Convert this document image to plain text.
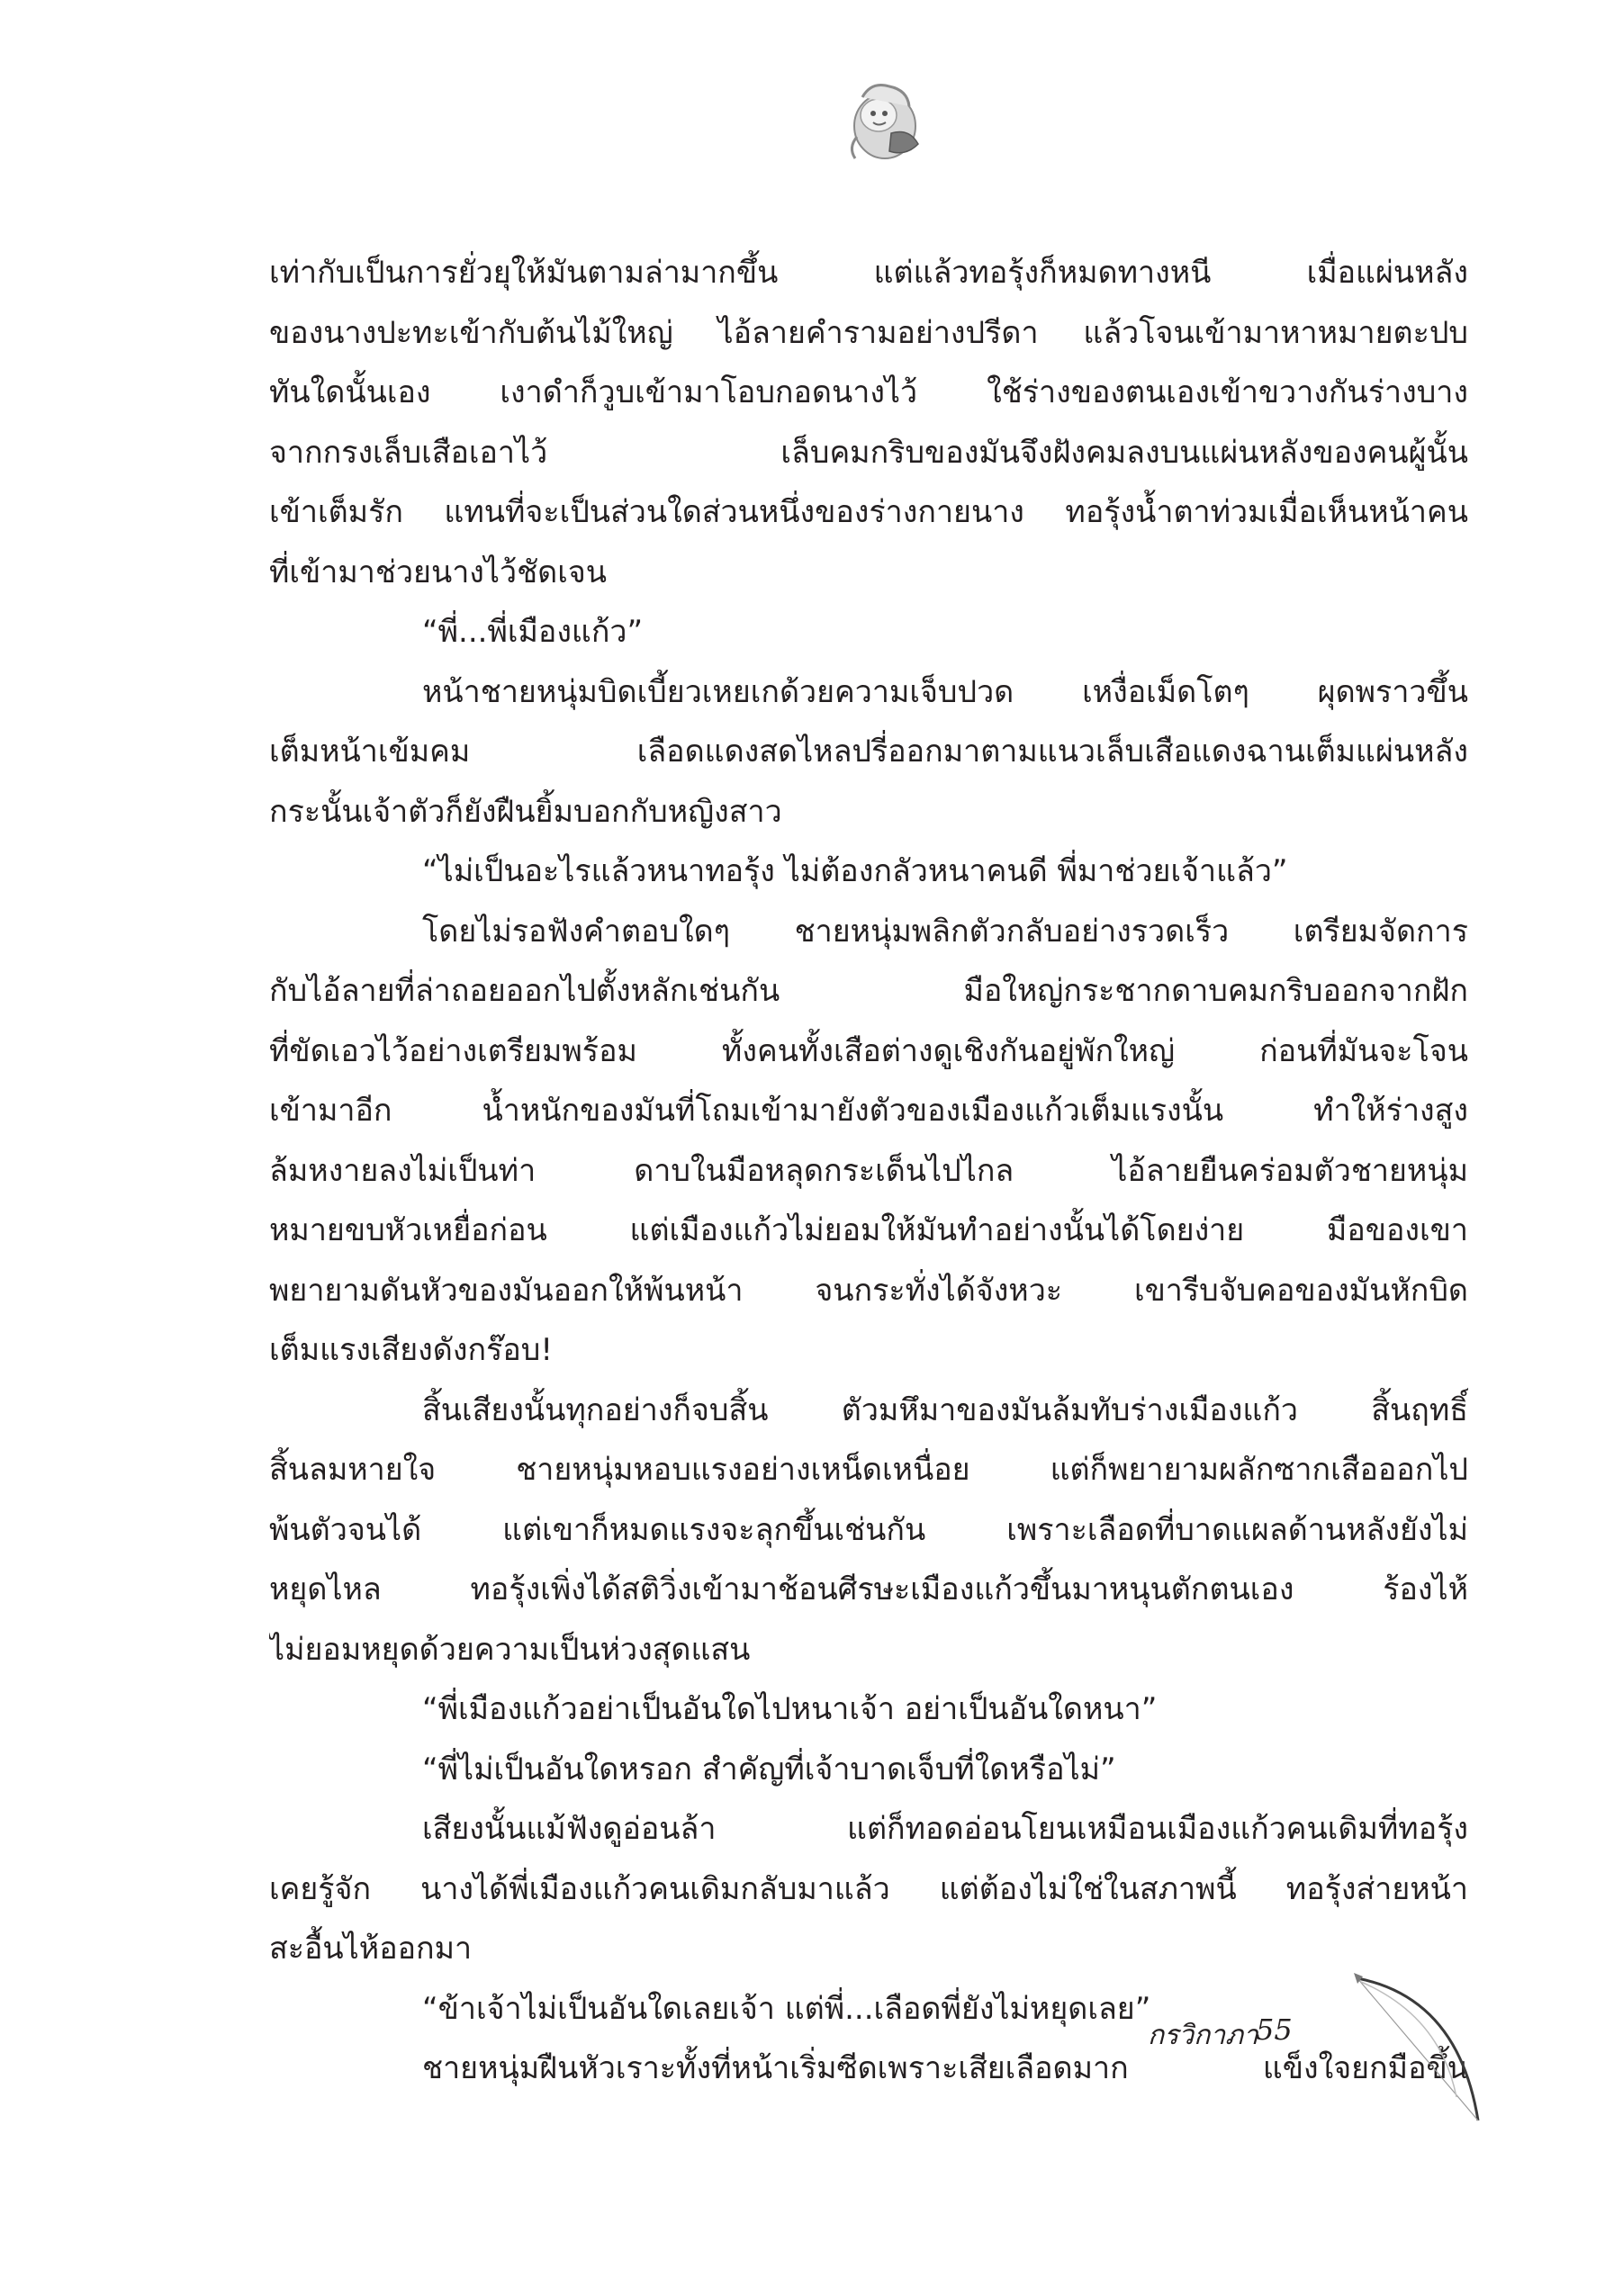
เท่ากับเป็นการยั่วยุให้มันตามล่ามากขึ้น แต่แล้วทอรุ้งก็หมดทางหนี เมื่อแผ่นหลัง
ของนางปะทะเข้ากับต้นไม้ใหญ่ ไอ้ลายคำรามอย่างปรีดา แล้วโจนเข้ามาหาหมายตะปบ
ทันใดนั้นเอง เงาดำก็วูบเข้ามาโอบกอดนางไว้ ใช้ร่างของตนเองเข้าขวางกันร่างบาง
จากกรงเล็บเสือเอาไว้ เล็บคมกริบของมันจึงฝังคมลงบนแผ่นหลังของคนผู้นั้น
เข้าเต็มรัก แทนที่จะเป็นส่วนใดส่วนหนึ่งของร่างกายนาง ทอรุ้งน้ำตาท่วมเมื่อเห็นหน้าคน
ที่เข้ามาช่วยนางไว้ชัดเจน
“พี่...พี่เมืองแก้ว”
หน้าชายหนุ่มบิดเบี้ยวเหยเกด้วยความเจ็บปวด เหงื่อเม็ดโตๆ ผุดพราวขึ้น
เต็มหน้าเข้มคม เลือดแดงสดไหลปรี่ออกมาตามแนวเล็บเสือแดงฉานเต็มแผ่นหลัง
กระนั้นเจ้าตัวก็ยังฝืนยิ้มบอกกับหญิงสาว
“ไม่เป็นอะไรแล้วหนาทอรุ้ง ไม่ต้องกลัวหนาคนดี พี่มาช่วยเจ้าแล้ว”
โดยไม่รอฟังคำตอบใดๆ ชายหนุ่มพลิกตัวกลับอย่างรวดเร็ว เตรียมจัดการ
กับไอ้ลายที่ล่าถอยออกไปตั้งหลักเช่นกัน มือใหญ่กระชากดาบคมกริบออกจากฝัก
ที่ขัดเอวไว้อย่างเตรียมพร้อม ทั้งคนทั้งเสือต่างดูเชิงกันอยู่พักใหญ่ ก่อนที่มันจะโจน
เข้ามาอีก น้ำหนักของมันที่โถมเข้ามายังตัวของเมืองแก้วเต็มแรงนั้น ทำให้ร่างสูง
ล้มหงายลงไม่เป็นท่า ดาบในมือหลุดกระเด็นไปไกล ไอ้ลายยืนคร่อมตัวชายหนุ่ม
หมายขบหัวเหยื่อก่อน แต่เมืองแก้วไม่ยอมให้มันทำอย่างนั้นได้โดยง่าย มือของเขา
พยายามดันหัวของมันออกให้พ้นหน้า จนกระทั่งได้จังหวะ เขารีบจับคอของมันหักบิด
เต็มแรงเสียงดังกร๊อบ!
สิ้นเสียงนั้นทุกอย่างก็จบสิ้น ตัวมหึมาของมันล้มทับร่างเมืองแก้ว สิ้นฤทธิ์
สิ้นลมหายใจ ชายหนุ่มหอบแรงอย่างเหน็ดเหนื่อย แต่ก็พยายามผลักซากเสือออกไป
พ้นตัวจนได้ แต่เขาก็หมดแรงจะลุกขึ้นเช่นกัน เพราะเลือดที่บาดแผลด้านหลังยังไม่
หยุดไหล ทอรุ้งเพิ่งได้สติวิ่งเข้ามาช้อนศีรษะเมืองแก้วขึ้นมาหนุนตักตนเอง ร้องไห้
ไม่ยอมหยุดด้วยความเป็นห่วงสุดแสน
“พี่เมืองแก้วอย่าเป็นอันใดไปหนาเจ้า อย่าเป็นอันใดหนา”
“พี่ไม่เป็นอันใดหรอก สำคัญที่เจ้าบาดเจ็บที่ใดหรือไม่”
เสียงนั้นแม้ฟังดูอ่อนล้า แต่ก็ทอดอ่อนโยนเหมือนเมืองแก้วคนเดิมที่ทอรุ้ง
เคยรู้จัก นางได้พี่เมืองแก้วคนเดิมกลับมาแล้ว แต่ต้องไม่ใช่ในสภาพนี้ ทอรุ้งส่ายหน้า
สะอื้นไห้ออกมา
“ข้าเจ้าไม่เป็นอันใดเลยเจ้า แต่พี่...เลือดพี่ยังไม่หยุดเลย”
ชายหนุ่มฝืนหัวเราะทั้งที่หน้าเริ่มซีดเพราะเสียเลือดมาก แข็งใจยกมือขึ้น
กรวิกาภา
55
